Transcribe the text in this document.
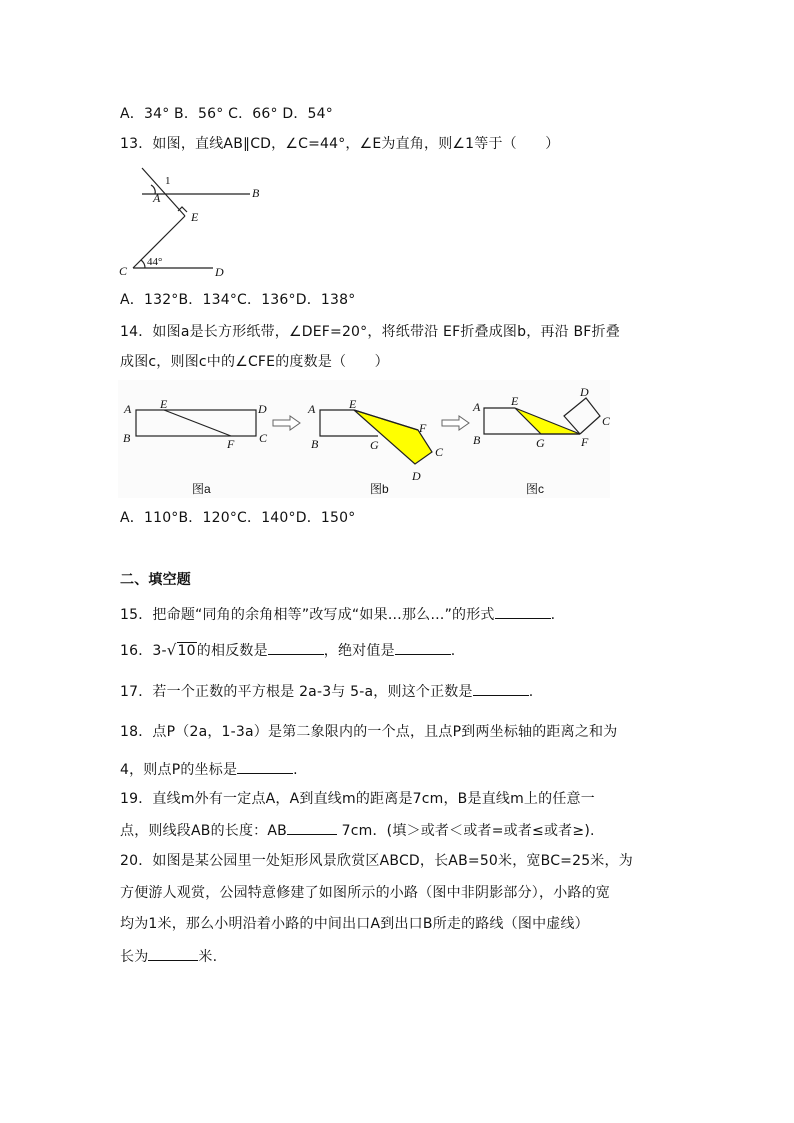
A．34° B．56° C．66° D．54°
13．如图，直线AB∥CD，∠C=44°，∠E为直角，则∠1等于（　　）
1
A	B
E
C	D
44°
A．132°B．134°C．136°D．138°
14．如图a是长方形纸带，∠DEF=20°，将纸带沿 EF折叠成图b，再沿 BF折叠
成图c，则图c中的∠CFE的度数是（　　）
A
B	C
D
E
F
图a
A
B
E
F
G	C
D
图b
A
B
E
G	F
C
D
图c
A．110°B．120°C．140°D．150°
二、填空题
15．把命题“同角的余角相等”改写成“如果…那么…”的形式	.
16．3-√10的相反数是	，绝对值是	.
17．若一个正数的平方根是 2a-3与 5-a，则这个正数是	.
18．点P（2a，1-3a）是第二象限内的一个点，且点P到两坐标轴的距离之和为
4，则点P的坐标是	.
19．直线m外有一定点A，A到直线m的距离是7cm，B是直线m上的任意一
点，则线段AB的长度：AB	7cm．(填＞或者＜或者=或者≤或者≥).
20．如图是某公园里一处矩形风景欣赏区ABCD，长AB=50米，宽BC=25米，为
方便游人观赏，公园特意修建了如图所示的小路（图中非阴影部分），小路的宽
均为1米，那么小明沿着小路的中间出口A到出口B所走的路线（图中虚线）
长为	米.
